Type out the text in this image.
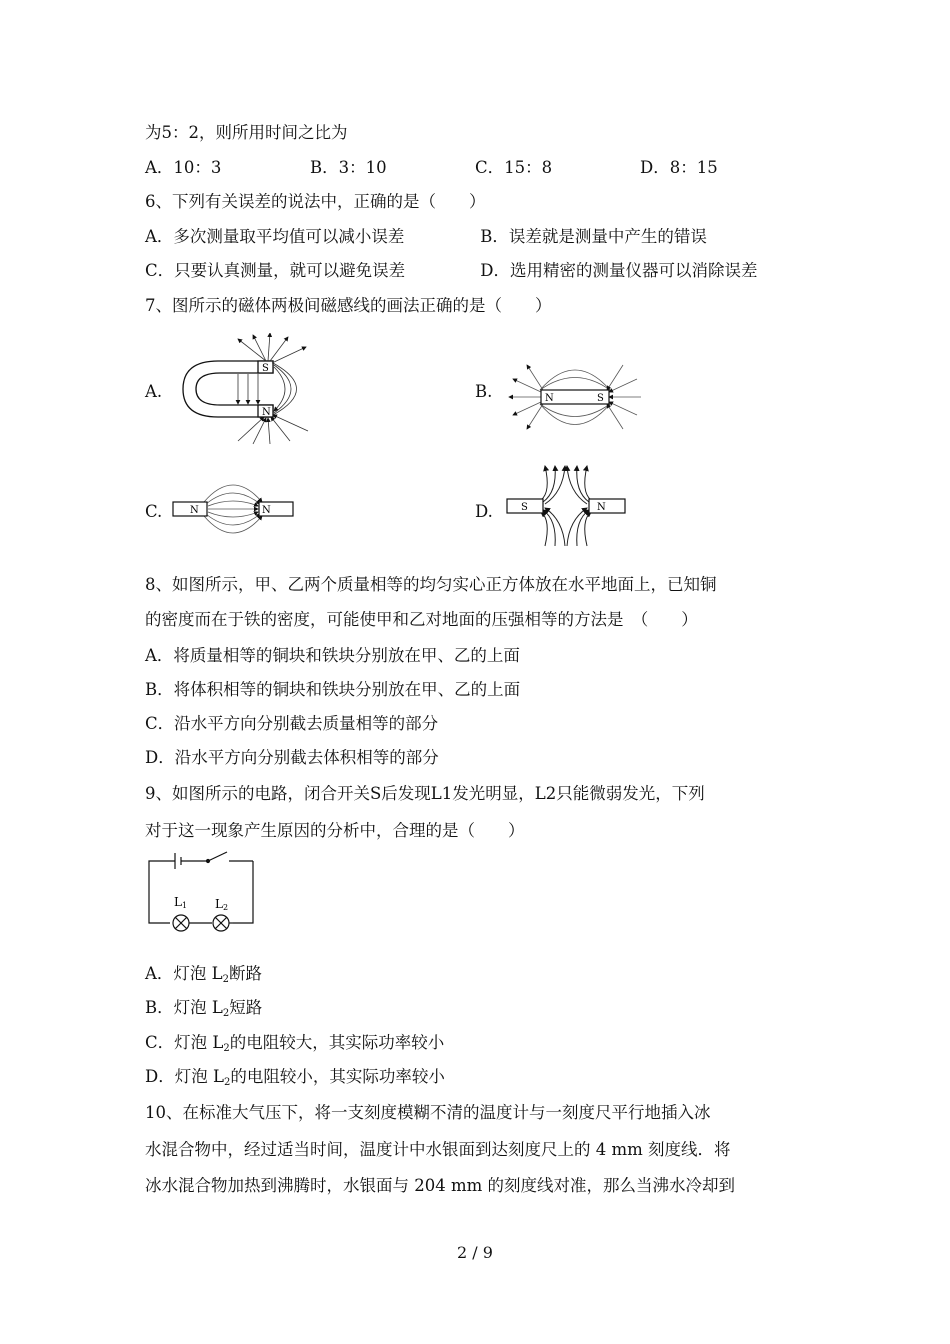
为5：2，则所用时间之比为
A．10：3	B．3：10	C．15：8	D．8：15
6、下列有关误差的说法中，正确的是（　　）
A．多次测量取平均值可以减小误差	B．误差就是测量中产生的错误
C．只要认真测量，就可以避免误差	D．选用精密的测量仪器可以消除误差
7、图所示的磁体两极间磁感线的画法正确的是（　　）
A.
S
N
B.	N	S
C.	N	N	D.	S	N
8、如图所示，甲、乙两个质量相等的均匀实心正方体放在水平地面上，已知铜
的密度而在于铁的密度，可能使甲和乙对地面的压强相等的方法是　（　　）
A．将质量相等的铜块和铁块分别放在甲、乙的上面
B．将体积相等的铜块和铁块分别放在甲、乙的上面
C．沿水平方向分别截去质量相等的部分
D．沿水平方向分别截去体积相等的部分
9、如图所示的电路，闭合开关S后发现L1发光明显，L2只能微弱发光，下列
对于这一现象产生原因的分析中，合理的是（　　）
L1 L2
A．灯泡 $L_2$断路
B．灯泡 $L_2$短路
C．灯泡 $L_2$的电阻较大，其实际功率较小
D．灯泡 $L_2$的电阻较小，其实际功率较小
10、在标准大气压下，将一支刻度模糊不清的温度计与一刻度尺平行地插入冰
水混合物中，经过适当时间，温度计中水银面到达刻度尺上的 4 mm 刻度线．将
冰水混合物加热到沸腾时，水银面与 204 mm 的刻度线对准，那么当沸水冷却到
2 / 9
